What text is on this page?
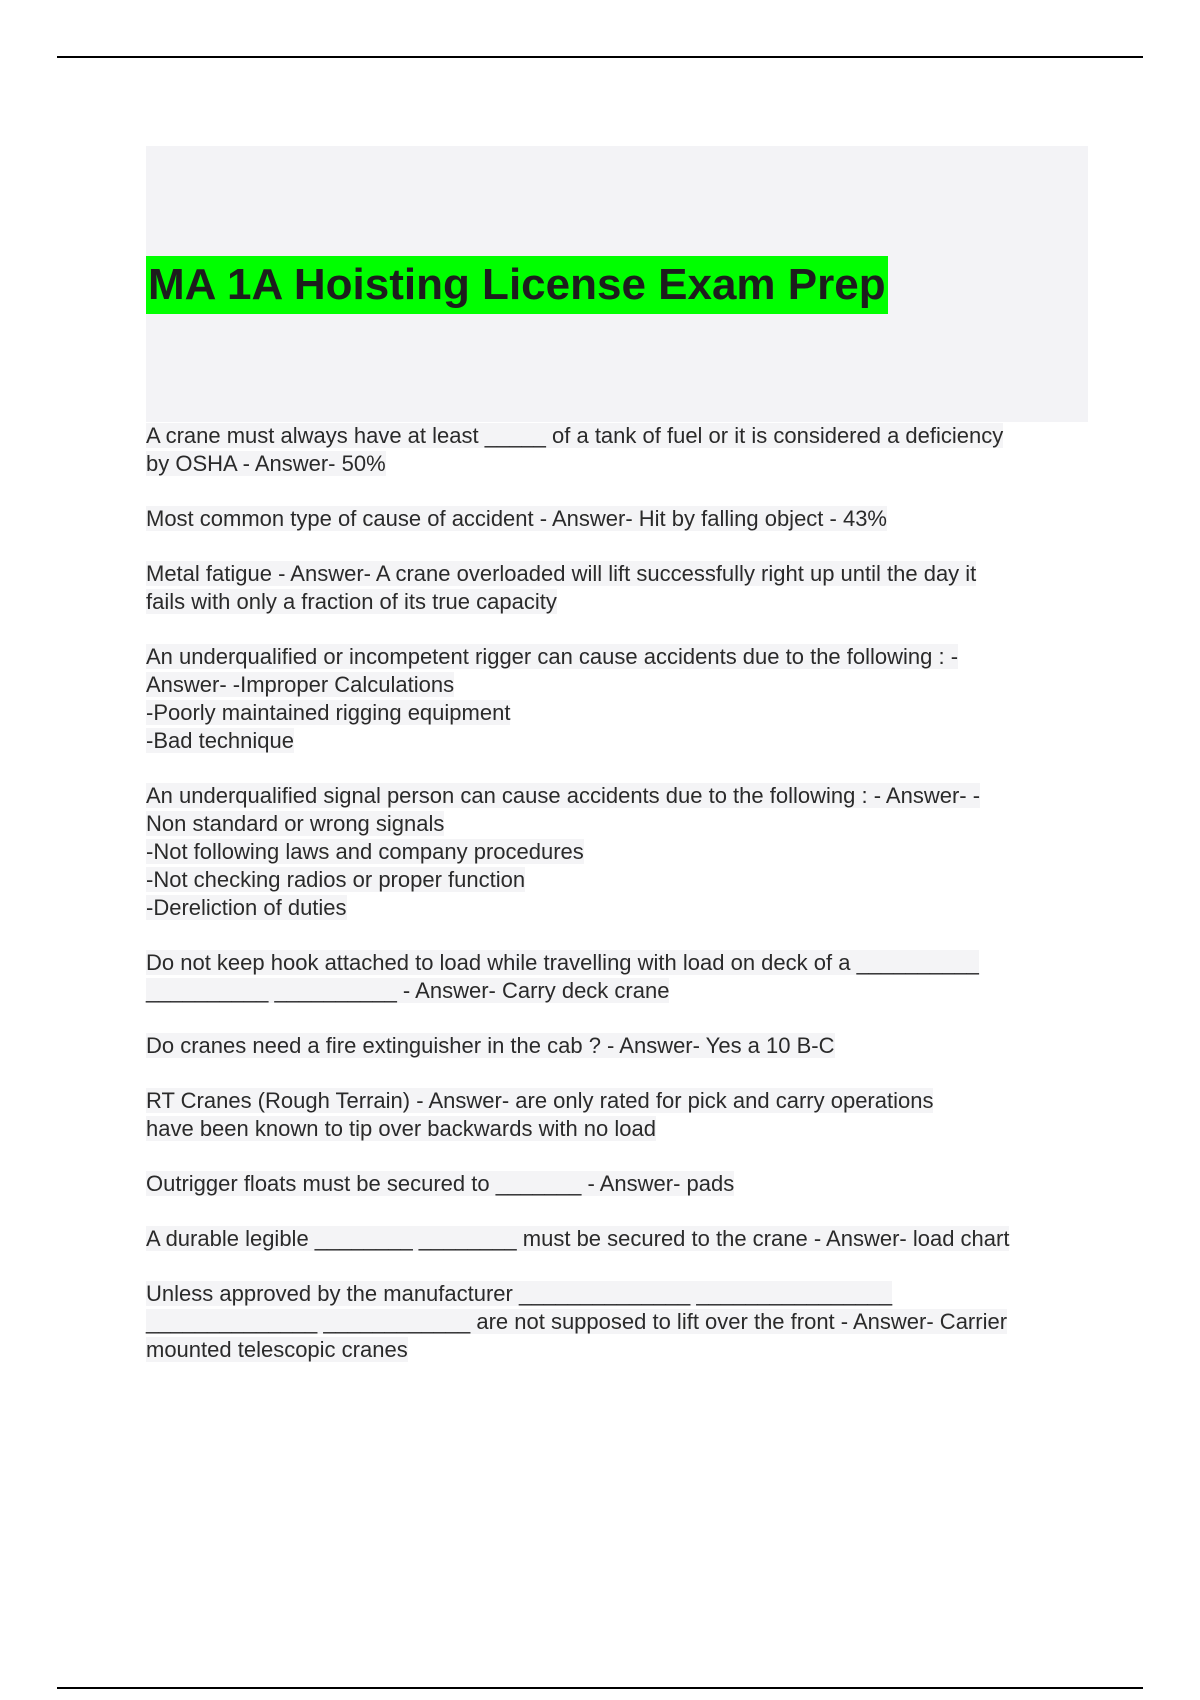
MA 1A Hoisting License Exam Prep
A crane must always have at least _____ of a tank of fuel or it is considered a deficiency
by OSHA - Answer- 50%
Most common type of cause of accident - Answer- Hit by falling object - 43%
Metal fatigue - Answer- A crane overloaded will lift successfully right up until the day it
fails with only a fraction of its true capacity
An underqualified or incompetent rigger can cause accidents due to the following : -
Answer- -Improper Calculations
-Poorly maintained rigging equipment
-Bad technique
An underqualified signal person can cause accidents due to the following : - Answer- -
Non standard or wrong signals
-Not following laws and company procedures
-Not checking radios or proper function
-Dereliction of duties
Do not keep hook attached to load while travelling with load on deck of a __________
__________ __________ - Answer- Carry deck crane
Do cranes need a fire extinguisher in the cab ? - Answer- Yes a 10 B-C
RT Cranes (Rough Terrain) - Answer- are only rated for pick and carry operations
have been known to tip over backwards with no load
Outrigger floats must be secured to _______ - Answer- pads
A durable legible ________ ________ must be secured to the crane - Answer- load chart
Unless approved by the manufacturer ______________ ________________
______________ ____________ are not supposed to lift over the front - Answer- Carrier
mounted telescopic cranes
